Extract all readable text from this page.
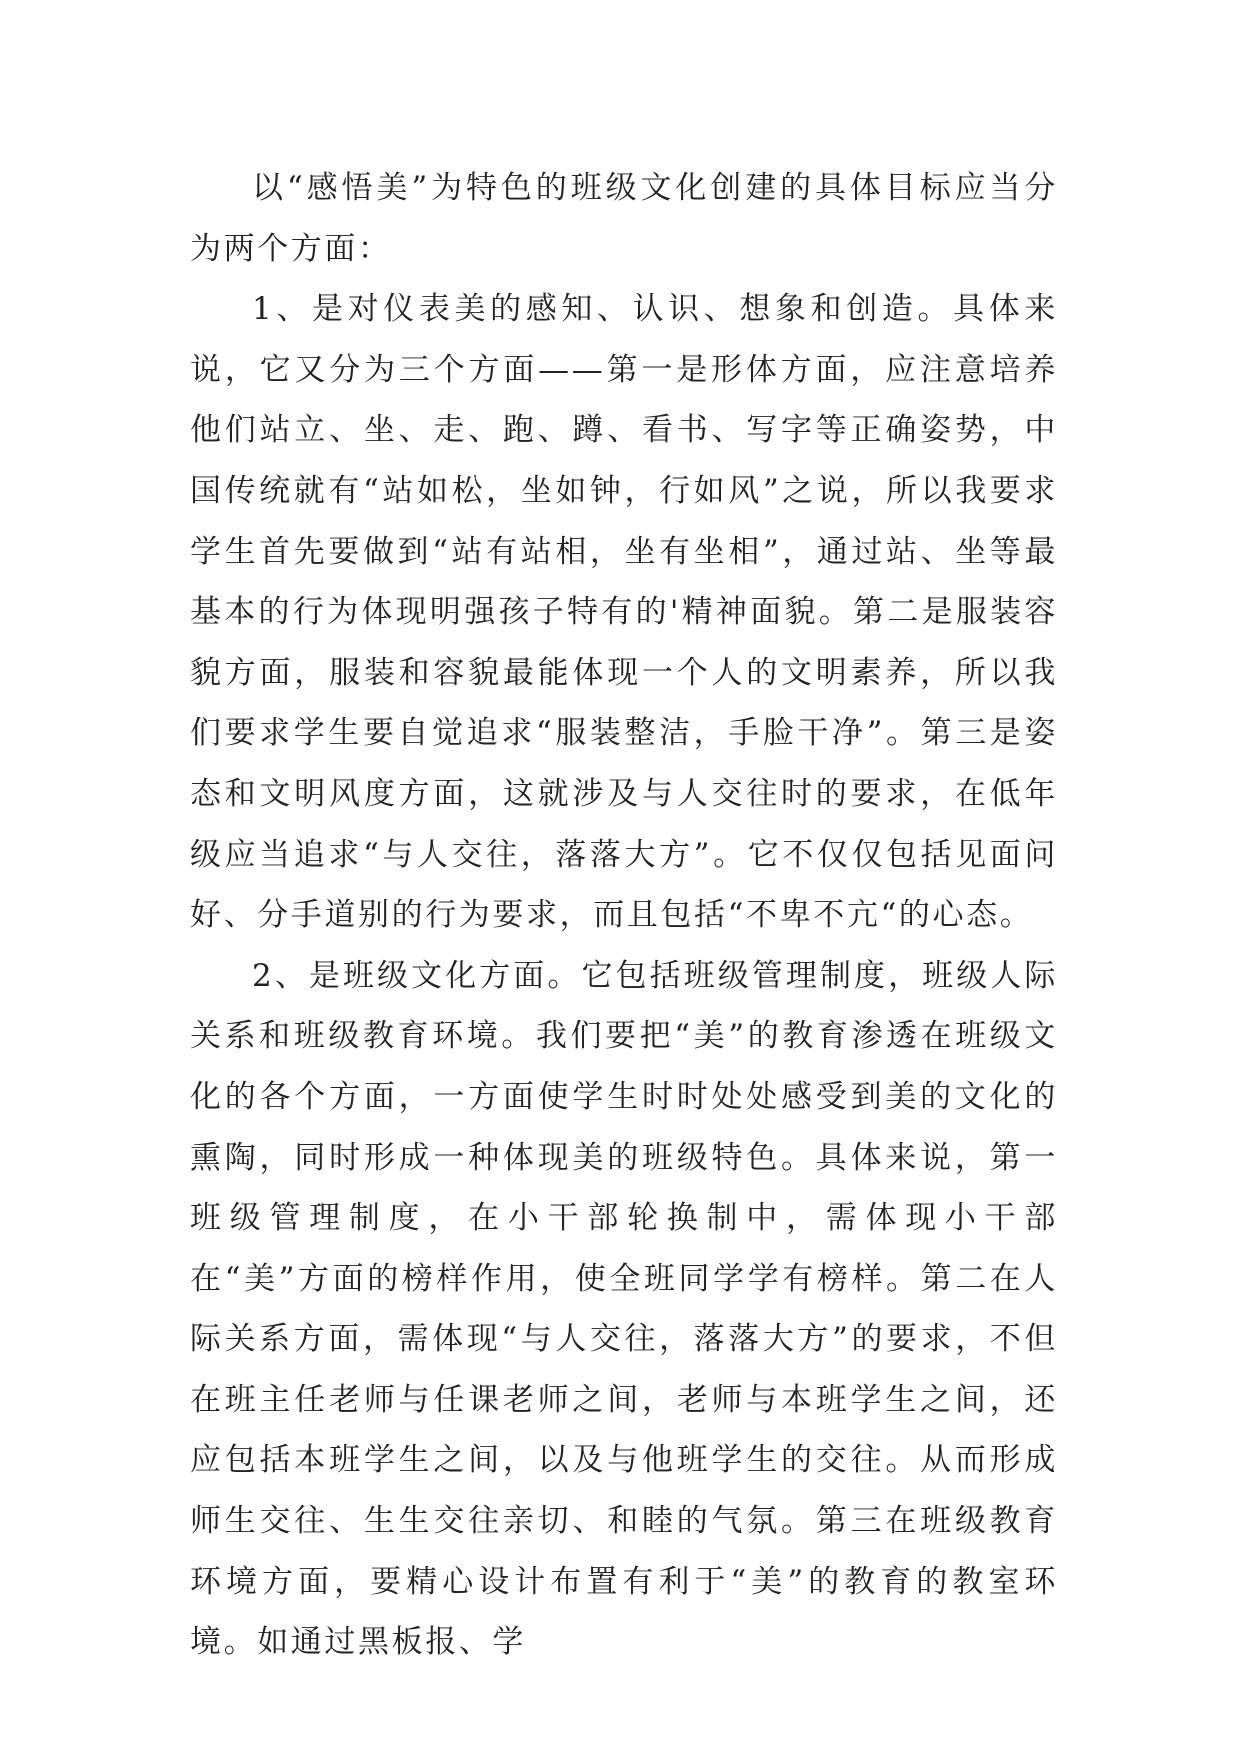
以“感悟美”为特色的班级文化创建的具体目标应当分为两个方面：

1、是对仪表美的感知、认识、想象和创造。具体来说，它又分为三个方面——第一是形体方面，应注意培养他们站立、坐、走、跑、蹲、看书、写字等正确姿势，中国传统就有“站如松，坐如钟，行如风”之说，所以我要求学生首先要做到“站有站相，坐有坐相”，通过站、坐等最基本的行为体现明强孩子特有的'精神面貌。第二是服装容貌方面，服装和容貌最能体现一个人的文明素养，所以我们要求学生要自觉追求“服装整洁，手脸干净”。第三是姿态和文明风度方面，这就涉及与人交往时的要求，在低年级应当追求“与人交往，落落大方”。它不仅仅包括见面问好、分手道别的行为要求，而且包括“不卑不亢“的心态。

2、是班级文化方面。它包括班级管理制度，班级人际关系和班级教育环境。我们要把“美”的教育渗透在班级文化的各个方面，一方面使学生时时处处感受到美的文化的熏陶，同时形成一种体现美的班级特色。具体来说，第一班级管理制度，在小干部轮换制中，需体现小干部在“美”方面的榜样作用，使全班同学学有榜样。第二在人际关系方面，需体现“与人交往，落落大方”的要求，不但在班主任老师与任课老师之间，老师与本班学生之间，还应包括本班学生之间，以及与他班学生的交往。从而形成师生交往、生生交往亲切、和睦的气氛。第三在班级教育环境方面，要精心设计布置有利于“美”的教育的教室环境。如通过黑板报、学
